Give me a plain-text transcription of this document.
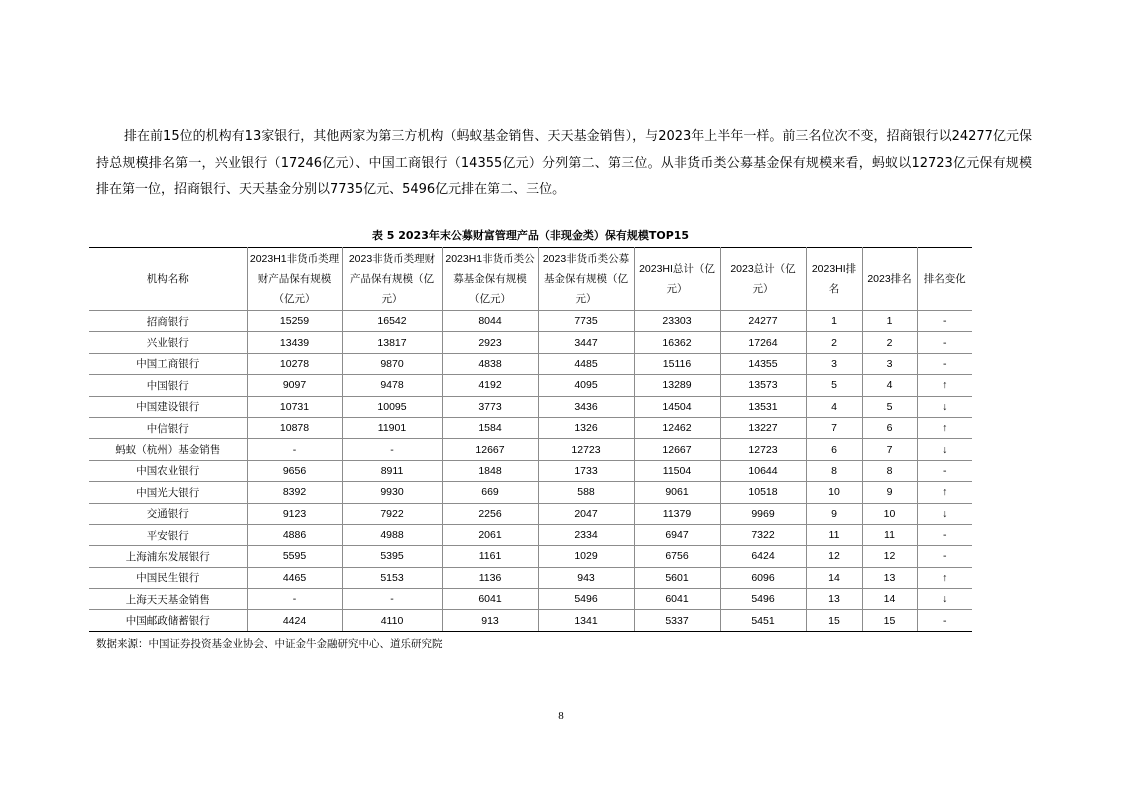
排在前15位的机构有13家银行，其他两家为第三方机构（蚂蚁基金销售、天天基金销售），与2023年上半年一样。前三名位次不变，招商银行以24277亿元保持总规模排名第一，兴业银行（17246亿元）、中国工商银行（14355亿元）分列第二、第三位。从非货币类公募基金保有规模来看，蚂蚁以12723亿元保有规模排在第一位，招商银行、天天基金分别以7735亿元、5496亿元排在第二、三位。

表 5 2023年末公募财富管理产品（非现金类）保有规模TOP15
机构名称	2023H1非货币类理财产品保有规模（亿元）	2023非货币类理财产品保有规模（亿元）	2023H1非货币类公募基金保有规模（亿元）	2023非货币类公募基金保有规模（亿元）	2023HI总计（亿元）	2023总计（亿元）	2023HI排名	2023排名	排名变化
招商银行	15259	16542	8044	7735	23303	24277	1	1	-
兴业银行	13439	13817	2923	3447	16362	17264	2	2	-
中国工商银行	10278	9870	4838	4485	15116	14355	3	3	-
中国银行	9097	9478	4192	4095	13289	13573	5	4	↑
中国建设银行	10731	10095	3773	3436	14504	13531	4	5	↓
中信银行	10878	11901	1584	1326	12462	13227	7	6	↑
蚂蚁（杭州）基金销售	-	-	12667	12723	12667	12723	6	7	↓
中国农业银行	9656	8911	1848	1733	11504	10644	8	8	-
中国光大银行	8392	9930	669	588	9061	10518	10	9	↑
交通银行	9123	7922	2256	2047	11379	9969	9	10	↓
平安银行	4886	4988	2061	2334	6947	7322	11	11	-
上海浦东发展银行	5595	5395	1161	1029	6756	6424	12	12	-
中国民生银行	4465	5153	1136	943	5601	6096	14	13	↑
上海天天基金销售	-	-	6041	5496	6041	5496	13	14	↓
中国邮政储蓄银行	4424	4110	913	1341	5337	5451	15	15	-
数据来源：中国证券投资基金业协会、中证金牛金融研究中心、道乐研究院
8
